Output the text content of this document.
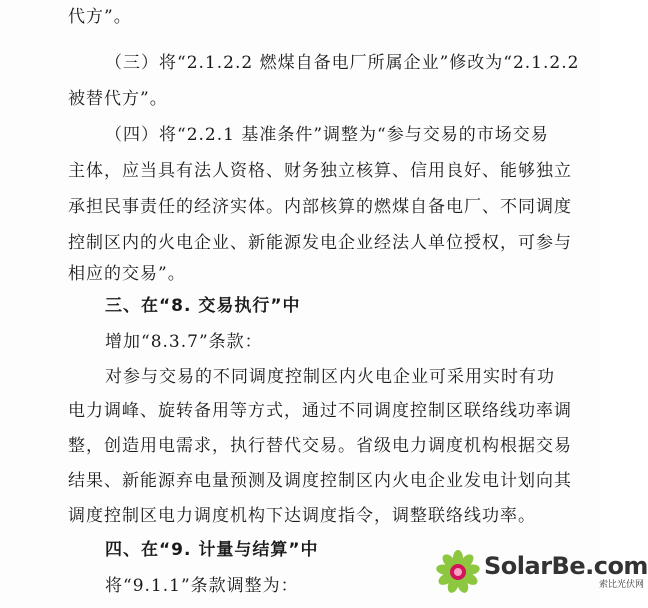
代方”。
（三）将“2.1.2.2 燃煤自备电厂所属企业”修改为“2.1.2.2
被替代方”。
（四）将“2.2.1 基准条件”调整为“参与交易的市场交易
主体，应当具有法人资格、财务独立核算、信用良好、能够独立
承担民事责任的经济实体。内部核算的燃煤自备电厂、不同调度
控制区内的火电企业、新能源发电企业经法人单位授权，可参与
相应的交易”。
三、在“8. 交易执行”中
增加“8.3.7”条款：
对参与交易的不同调度控制区内火电企业可采用实时有功
电力调峰、旋转备用等方式，通过不同调度控制区联络线功率调
整，创造用电需求，执行替代交易。省级电力调度机构根据交易
结果、新能源弃电量预测及调度控制区内火电企业发电计划向其
调度控制区电力调度机构下达调度指令，调整联络线功率。
四、在“9. 计量与结算”中
将“9.1.1”条款调整为：
SolarBe.com
索比光伏网
